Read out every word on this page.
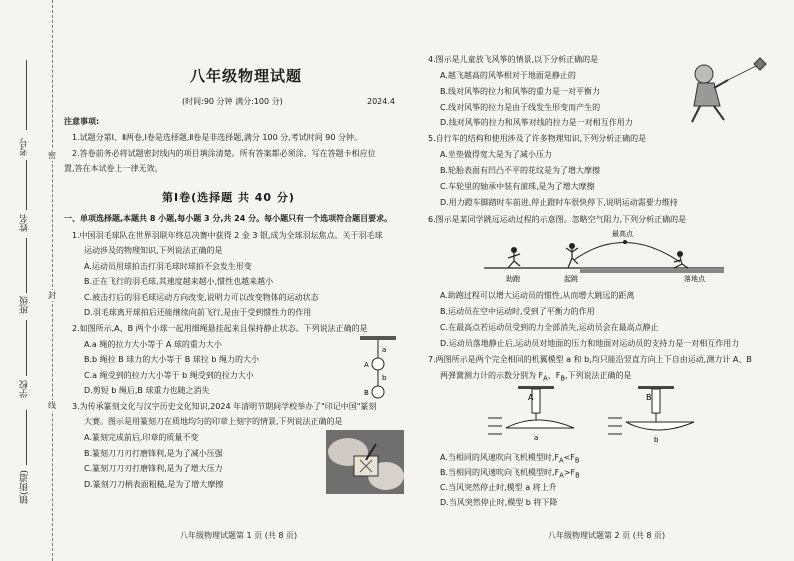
考号
姓名
班级
学校
镇(街道)
密
封
线
八年级物理试题
(时间:90 分钟 满分:100 分)	2024.4
注意事项:
1.试题分第Ⅰ、Ⅱ两卷,Ⅰ卷是选择题,Ⅱ卷是非选择题,满分 100 分,考试时间 90 分钟。
2.答卷前务必将试题密封线内的项目填涂清楚。所有答案都必须涂、写在答题卡相应位
置,答在本试卷上一律无效。
第Ⅰ卷(选择题 共 40 分)
一、单项选择题,本题共 8 小题,每小题 3 分,共 24 分。每小题只有一个选项符合题目要求。
1.中国羽毛球队在世界羽联年终总决赛中获得 2 金 3 银,成为全球羽坛焦点。关于羽毛球
运动涉及的物理知识,下列说法正确的是
A.运动员用球拍击打羽毛球时球拍不会发生形变
B.正在飞行的羽毛球,其速度越来越小,惯性也越来越小
C.被击打后的羽毛球运动方向改变,说明力可以改变物体的运动状态
D.羽毛球离开球拍后还能继续向前飞行,是由于受到惯性力的作用
2.如图所示,A、B 两个小球一起用细绳悬挂起来且保持静止状态。下列说法正确的是
A.a 绳的拉力大小等于 A 球的重力大小
B.b 绳拉 B 球力的大小等于 B 球拉 b 绳力的大小
C.a 绳受到的拉力大小等于 b 绳受到的拉力大小
D.剪短 b 绳后,B 球重力也随之消失
a
A
b
B
3.为传承篆刻文化与汉字历史文化知识,2024 年清明节期间学校举办了"印记中国"篆刻
大赛。图示是用篆刻刀在质地均匀的印章上刻字的情景,下列说法正确的是
A.篆刻完成前后,印章的质量不变
B.篆刻刀刀刃打磨锋利,是为了减小压强
C.篆刻刀刀刃打磨锋利,是为了增大压力
D.篆刻刀刀柄表面粗糙,是为了增大摩擦
八年级物理试题第 1 页 (共 8 页)
4.图示是儿童放飞风筝的情景,以下分析正确的是
A.越飞越高的风筝相对于地面是静止的
B.线对风筝的拉力和风筝的重力是一对平衡力
C.线对风筝的拉力是由于线发生形变而产生的
D.线对风筝的拉力和风筝对线的拉力是一对相互作用力
5.自行车的结构和使用涉及了许多物理知识,下列分析正确的是
A.坐垫做得宽大是为了减小压力
B.轮胎表面有凹凸不平的花纹是为了增大摩擦
C.车轮里的轴承中装有滚珠,是为了增大摩擦
D.用力蹬车脚踏时车前进,停止蹬时车很快停下,说明运动需要力维持
6.图示是某同学跳远运动过程的示意图。忽略空气阻力,下列分析正确的是
最高点
助跑	起跳	落地点
A.助跑过程可以增大运动员的惯性,从而增大跳远的距离
B.运动员在空中运动时,受到了平衡力的作用
C.在最高点若运动员受到的力全部消失,运动员会在最高点静止
D.运动员落地静止后,运动员对地面的压力和地面对运动员的支持力是一对相互作用力
7.两图所示是两个完全相同的机翼模型 a 和 b,均只能沿竖直方向上下自由运动,测力计 A、B
两弹簧测力计的示数分别为 $F_A$、$F_B$,下列说法正确的是
A
a
B
b
A.当相同的风速吹向飞机模型时$,F_A<F_B$
B.当相同的风速吹向飞机模型时$,F_A>F_B$
C.当风突然停止时,模型 a 将上升
D.当风突然停止时,模型 b 将下降
八年级物理试题第 2 页 (共 8 页)
